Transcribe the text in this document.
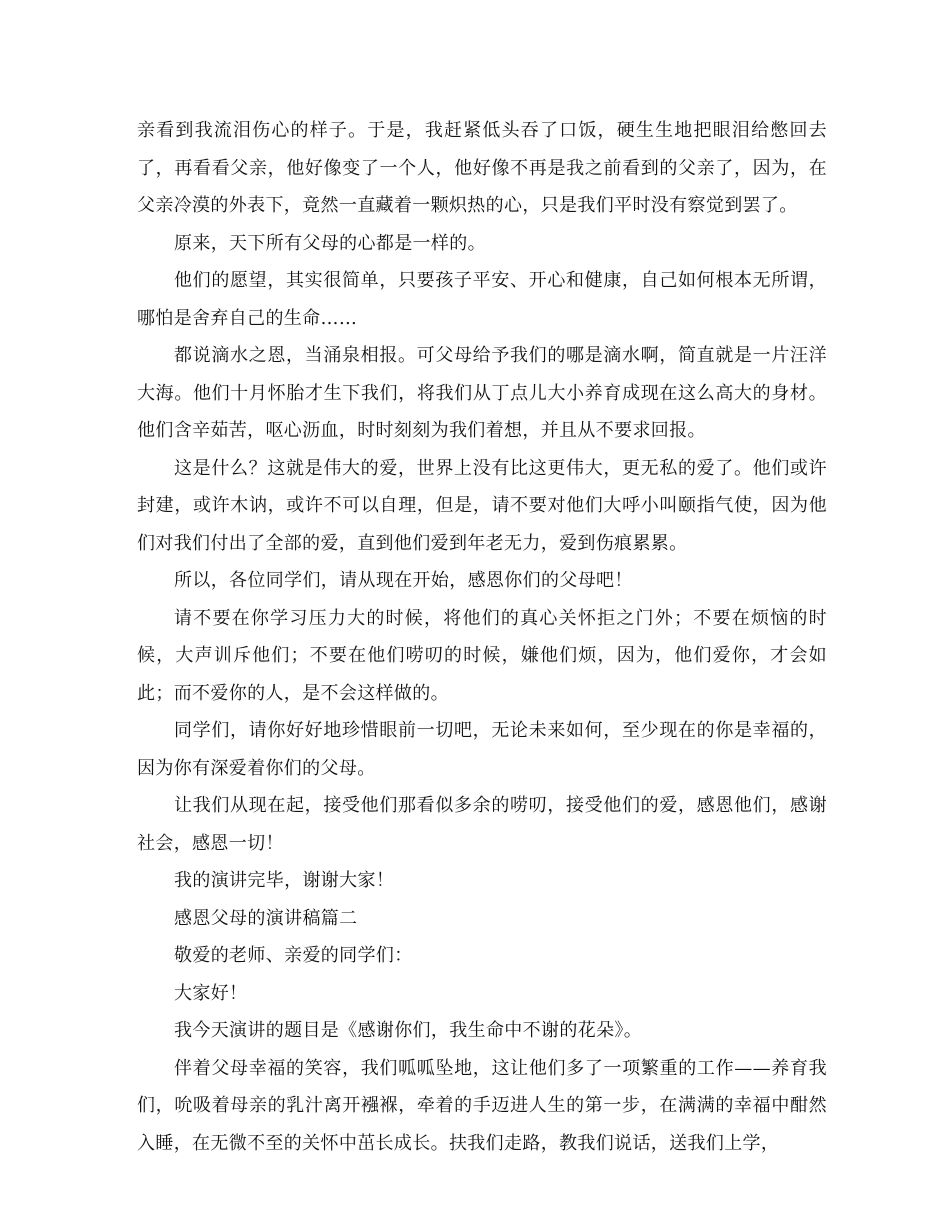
亲看到我流泪伤心的样子。于是，我赶紧低头吞了口饭，硬生生地把眼泪给憋回去了，再看看父亲，他好像变了一个人，他好像不再是我之前看到的父亲了，因为，在父亲冷漠的外表下，竟然一直藏着一颗炽热的心，只是我们平时没有察觉到罢了。

原来，天下所有父母的心都是一样的。

他们的愿望，其实很简单，只要孩子平安、开心和健康，自己如何根本无所谓，哪怕是舍弃自己的生命……

都说滴水之恩，当涌泉相报。可父母给予我们的哪是滴水啊，简直就是一片汪洋大海。他们十月怀胎才生下我们，将我们从丁点儿大小养育成现在这么高大的身材。他们含辛茹苦，呕心沥血，时时刻刻为我们着想，并且从不要求回报。

这是什么？这就是伟大的爱，世界上没有比这更伟大，更无私的爱了。他们或许封建，或许木讷，或许不可以自理，但是，请不要对他们大呼小叫颐指气使，因为他们对我们付出了全部的爱，直到他们爱到年老无力，爱到伤痕累累。

所以，各位同学们，请从现在开始，感恩你们的父母吧！

请不要在你学习压力大的时候，将他们的真心关怀拒之门外；不要在烦恼的时候，大声训斥他们；不要在他们唠叨的时候，嫌他们烦，因为，他们爱你，才会如此；而不爱你的人，是不会这样做的。

同学们，请你好好地珍惜眼前一切吧，无论未来如何，至少现在的你是幸福的，因为你有深爱着你们的父母。

让我们从现在起，接受他们那看似多余的唠叨，接受他们的爱，感恩他们，感谢社会，感恩一切！

我的演讲完毕，谢谢大家！

感恩父母的演讲稿篇二

敬爱的老师、亲爱的同学们：

大家好！

我今天演讲的题目是《感谢你们，我生命中不谢的花朵》。

伴着父母幸福的笑容，我们呱呱坠地，这让他们多了一项繁重的工作——养育我们，吮吸着母亲的乳汁离开襁褓，牵着的手迈进人生的第一步，在满满的幸福中酣然入睡，在无微不至的关怀中茁长成长。扶我们走路，教我们说话，送我们上学，
